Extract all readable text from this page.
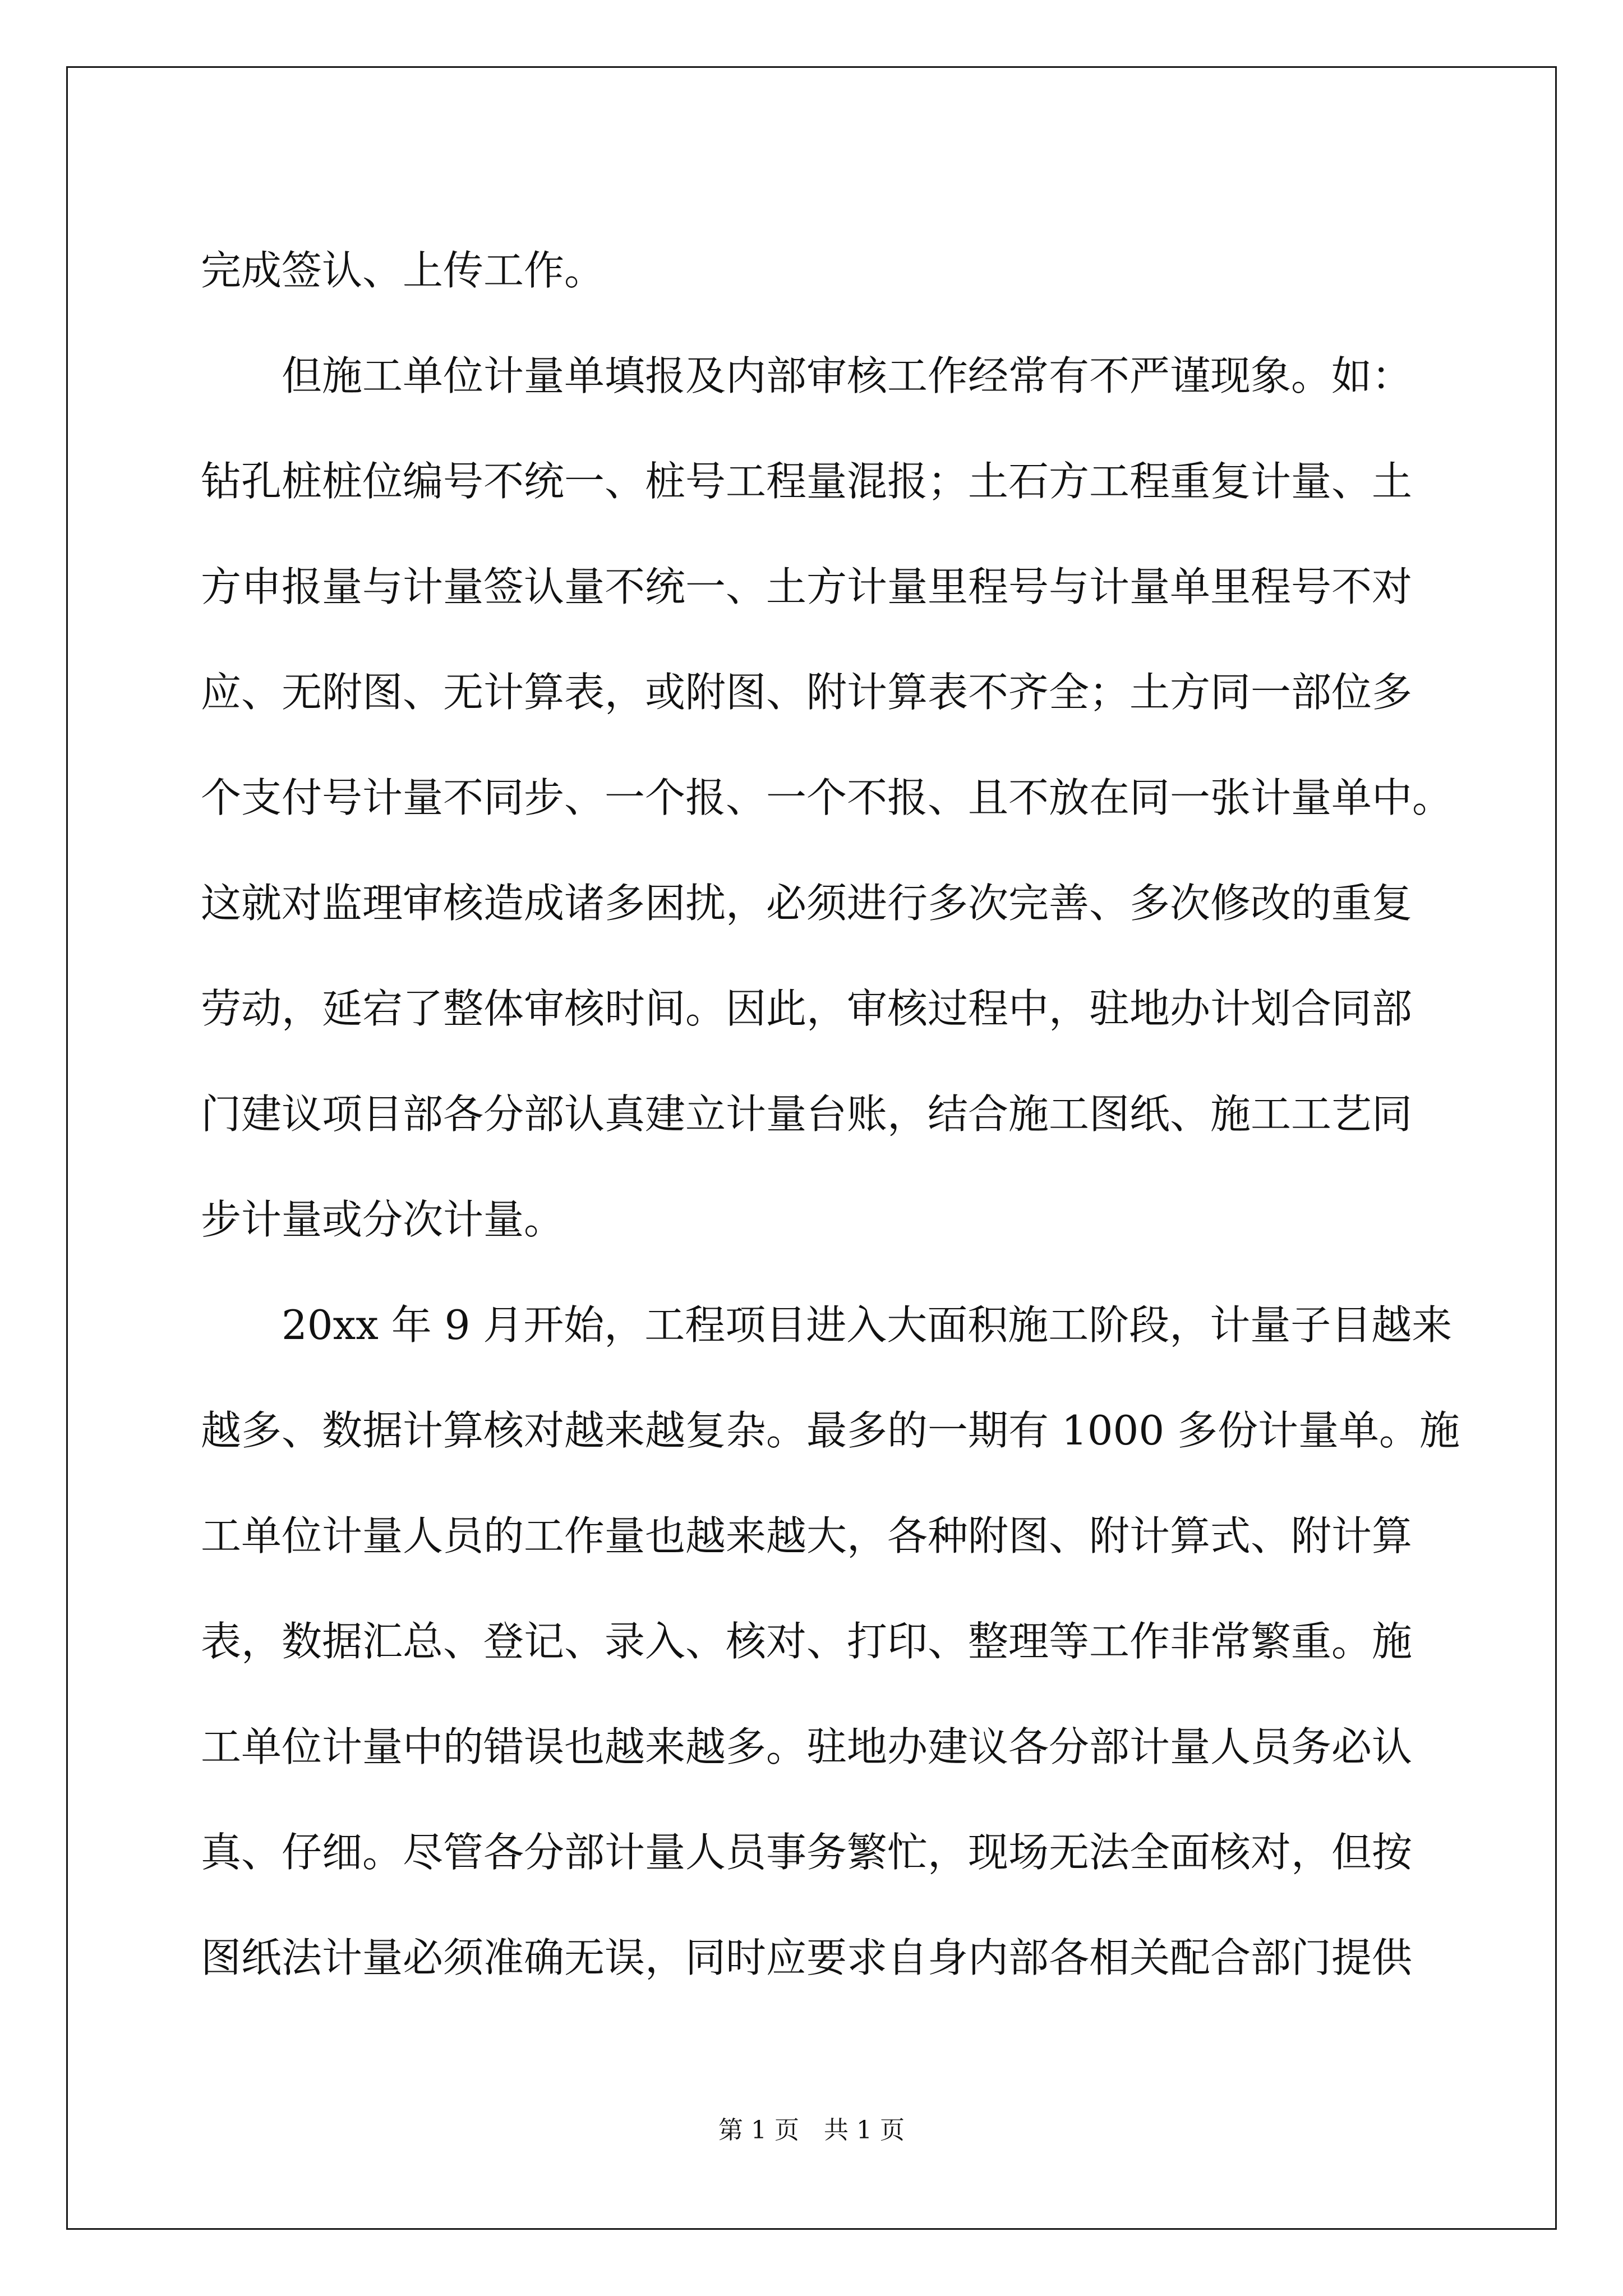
完成签认、上传工作。
　　但施工单位计量单填报及内部审核工作经常有不严谨现象。如：
钻孔桩桩位编号不统一、桩号工程量混报；土石方工程重复计量、土
方申报量与计量签认量不统一、土方计量里程号与计量单里程号不对
应、无附图、无计算表，或附图、附计算表不齐全；土方同一部位多
个支付号计量不同步、一个报、一个不报、且不放在同一张计量单中。
这就对监理审核造成诸多困扰，必须进行多次完善、多次修改的重复
劳动，延宕了整体审核时间。因此，审核过程中，驻地办计划合同部
门建议项目部各分部认真建立计量台账，结合施工图纸、施工工艺同
步计量或分次计量。
　　20xx 年 9 月开始，工程项目进入大面积施工阶段，计量子目越来
越多、数据计算核对越来越复杂。最多的一期有 1000 多份计量单。施
工单位计量人员的工作量也越来越大，各种附图、附计算式、附计算
表，数据汇总、登记、录入、核对、打印、整理等工作非常繁重。施
工单位计量中的错误也越来越多。驻地办建议各分部计量人员务必认
真、仔细。尽管各分部计量人员事务繁忙，现场无法全面核对，但按
图纸法计量必须准确无误，同时应要求自身内部各相关配合部门提供
第 1 页　共 1 页
